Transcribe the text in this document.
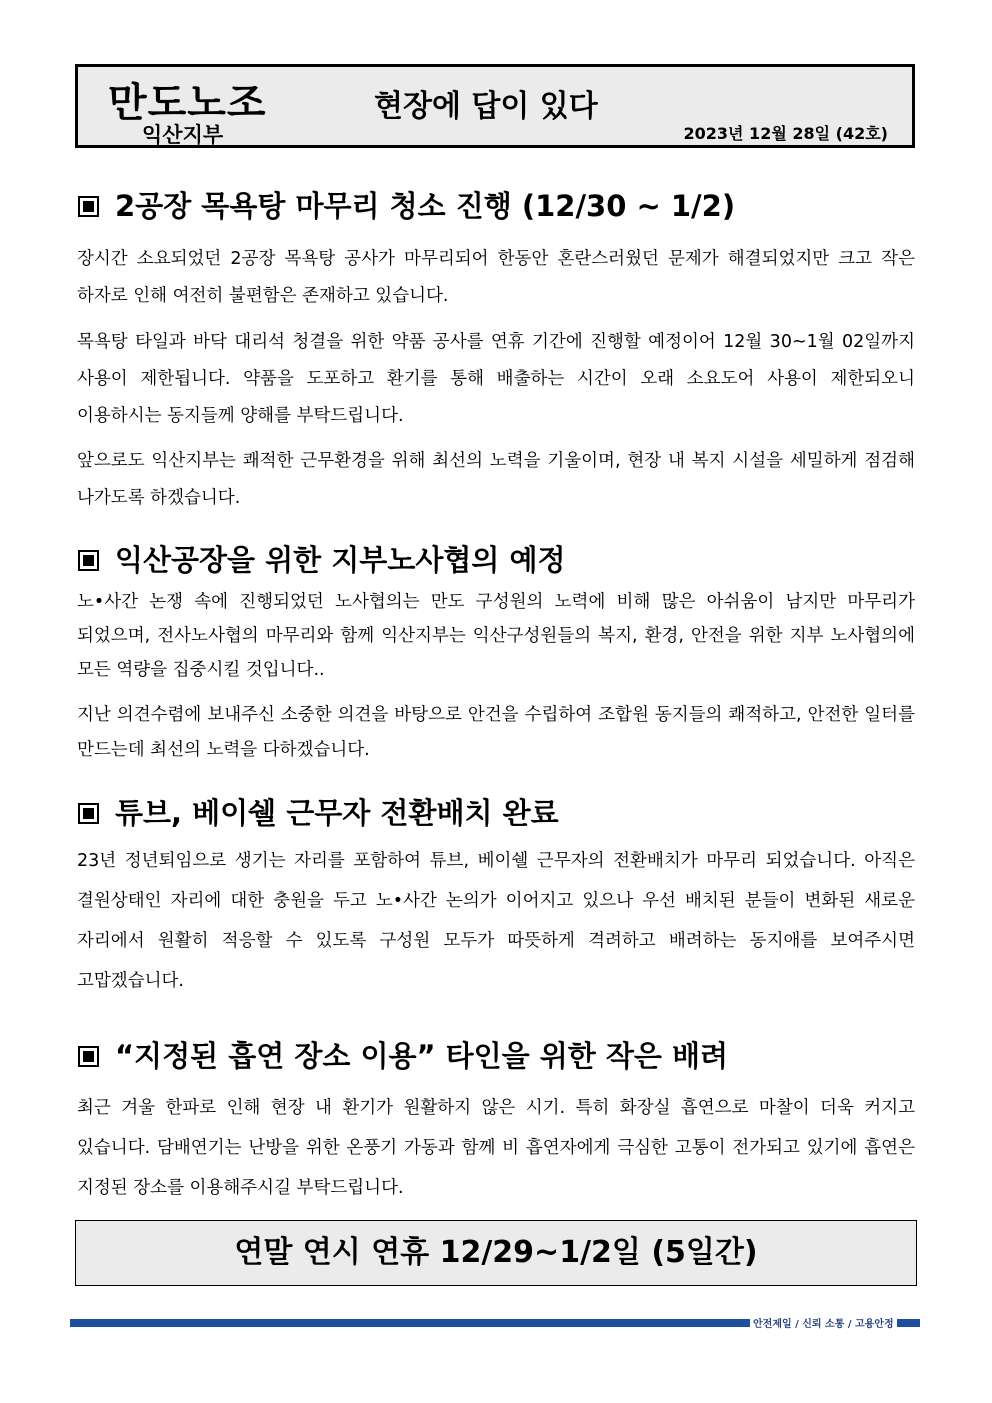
만도노조
익산지부
현장에 답이 있다
2023년 12월 28일 (42호)
2공장 목욕탕 마무리 청소 진행 (12/30 ~ 1/2)
장시간 소요되었던 2공장 목욕탕 공사가 마무리되어 한동안 혼란스러웠던 문제가 해결되었지만 크고 작은 하자로 인해 여전히 불편함은 존재하고 있습니다.
목욕탕 타일과 바닥 대리석 청결을 위한 약품 공사를 연휴 기간에 진행할 예정이어 12월 30~1월 02일까지 사용이 제한됩니다. 약품을 도포하고 환기를 통해 배출하는 시간이 오래 소요도어 사용이 제한되오니 이용하시는 동지들께 양해를 부탁드립니다.
앞으로도 익산지부는 쾌적한 근무환경을 위해 최선의 노력을 기울이며, 현장 내 복지 시설을 세밀하게 점검해 나가도록 하겠습니다.
익산공장을 위한 지부노사협의 예정
노•사간 논쟁 속에 진행되었던 노사협의는 만도 구성원의 노력에 비해 많은 아쉬움이 남지만 마무리가 되었으며, 전사노사협의 마무리와 함께 익산지부는 익산구성원들의 복지, 환경, 안전을 위한 지부 노사협의에 모든 역량을 집중시킬 것입니다..
지난 의견수렴에 보내주신 소중한 의견을 바탕으로 안건을 수립하여 조합원 동지들의 쾌적하고, 안전한 일터를 만드는데 최선의 노력을 다하겠습니다.
튜브, 베이쉘 근무자 전환배치 완료
23년 정년퇴임으로 생기는 자리를 포함하여 튜브, 베이쉘 근무자의 전환배치가 마무리 되었습니다. 아직은 결원상태인 자리에 대한 충원을 두고 노•사간 논의가 이어지고 있으나 우선 배치된 분들이 변화된 새로운 자리에서 원활히 적응할 수 있도록 구성원 모두가 따뜻하게 격려하고 배려하는 동지애를 보여주시면 고맙겠습니다.
“지정된 흡연 장소 이용” 타인을 위한 작은 배려
최근 겨울 한파로 인해 현장 내 환기가 원활하지 않은 시기. 특히 화장실 흡연으로 마찰이 더욱 커지고 있습니다. 담배연기는 난방을 위한 온풍기 가동과 함께 비 흡연자에게 극심한 고통이 전가되고 있기에 흡연은 지정된 장소를 이용해주시길 부탁드립니다.
연말 연시 연휴 12/29~1/2일 (5일간)
안전제일 / 신뢰 소통 / 고용안정
